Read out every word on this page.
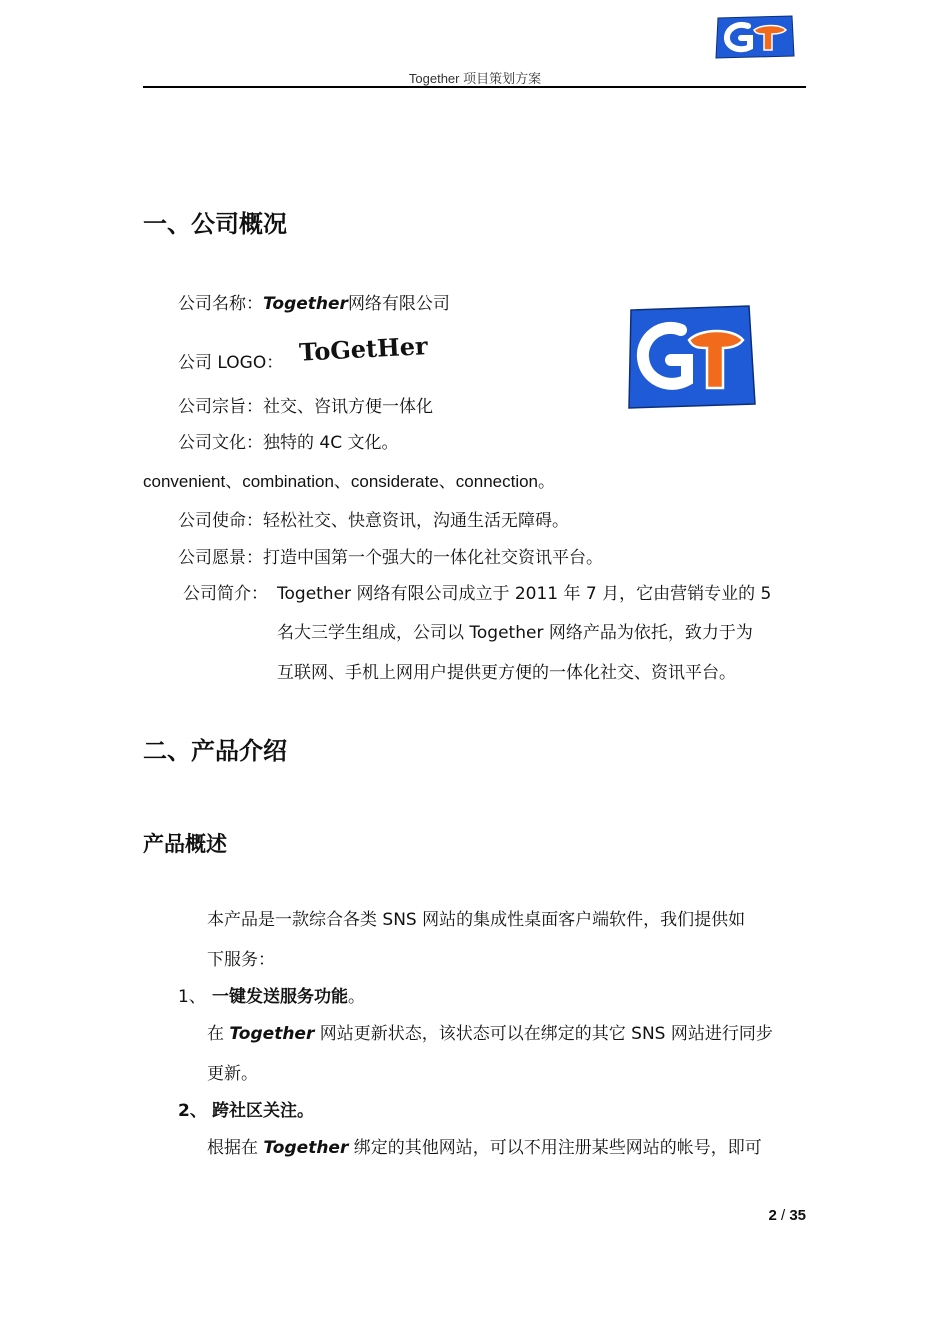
Together 项目策划方案
一、公司概况
公司名称：Together网络有限公司
公司 LOGO： ToGetHer
公司宗旨：社交、咨讯方便一体化
公司文化：独特的 4C 文化。
convenient、combination、considerate、connection。
公司使命：轻松社交、快意资讯，沟通生活无障碍。
公司愿景：打造中国第一个强大的一体化社交资讯平台。
公司简介： Together 网络有限公司成立于 2011 年 7 月，它由营销专业的 5
名大三学生组成，公司以 Together 网络产品为依托，致力于为
互联网、手机上网用户提供更方便的一体化社交、资讯平台。
二、产品介绍
产品概述
本产品是一款综合各类 SNS 网站的集成性桌面客户端软件，我们提供如
下服务：
1、 一键发送服务功能。
在 Together 网站更新状态，该状态可以在绑定的其它 SNS 网站进行同步
更新。
2、 跨社区关注。
根据在 Together 绑定的其他网站，可以不用注册某些网站的帐号，即可
2 / 35
